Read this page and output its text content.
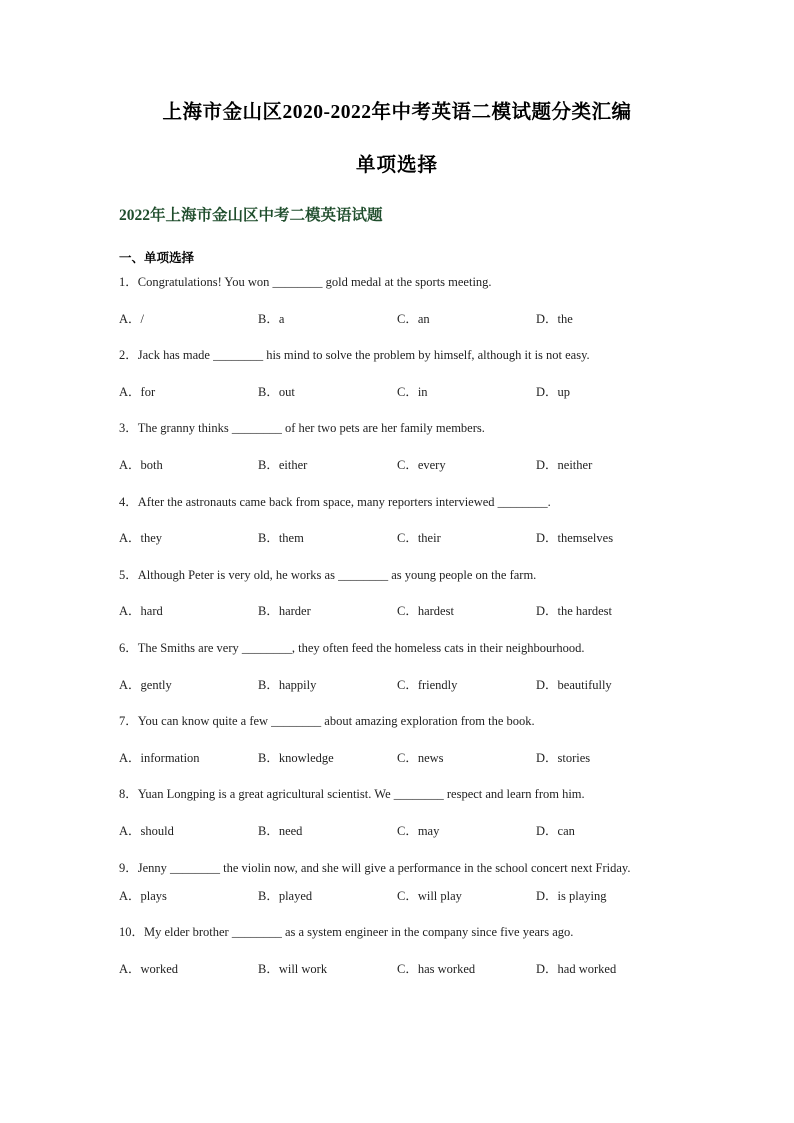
上海市金山区2020-2022年中考英语二模试题分类汇编
单项选择
2022年上海市金山区中考二模英语试题
一、单项选择
1．Congratulations! You won ________ gold medal at the sports meeting.
A．/	B．a	C．an	D．the
2．Jack has made ________ his mind to solve the problem by himself, although it is not easy.
A．for	B．out	C．in	D．up
3．The granny thinks ________ of her two pets are her family members.
A．both	B．either	C．every	D．neither
4．After the astronauts came back from space, many reporters interviewed ________.
A．they	B．them	C．their	D．themselves
5．Although Peter is very old, he works as ________ as young people on the farm.
A．hard	B．harder	C．hardest	D．the hardest
6．The Smiths are very ________, they often feed the homeless cats in their neighbourhood.
A．gently	B．happily	C．friendly	D．beautifully
7．You can know quite a few ________ about amazing exploration from the book.
A．information	B．knowledge	C．news	D．stories
8．Yuan Longping is a great agricultural scientist. We ________ respect and learn from him.
A．should	B．need	C．may	D．can
9．Jenny ________ the violin now, and she will give a performance in the school concert next Friday.
A．plays	B．played	C．will play	D．is playing
10．My elder brother ________ as a system engineer in the company since five years ago.
A．worked	B．will work	C．has worked	D．had worked
